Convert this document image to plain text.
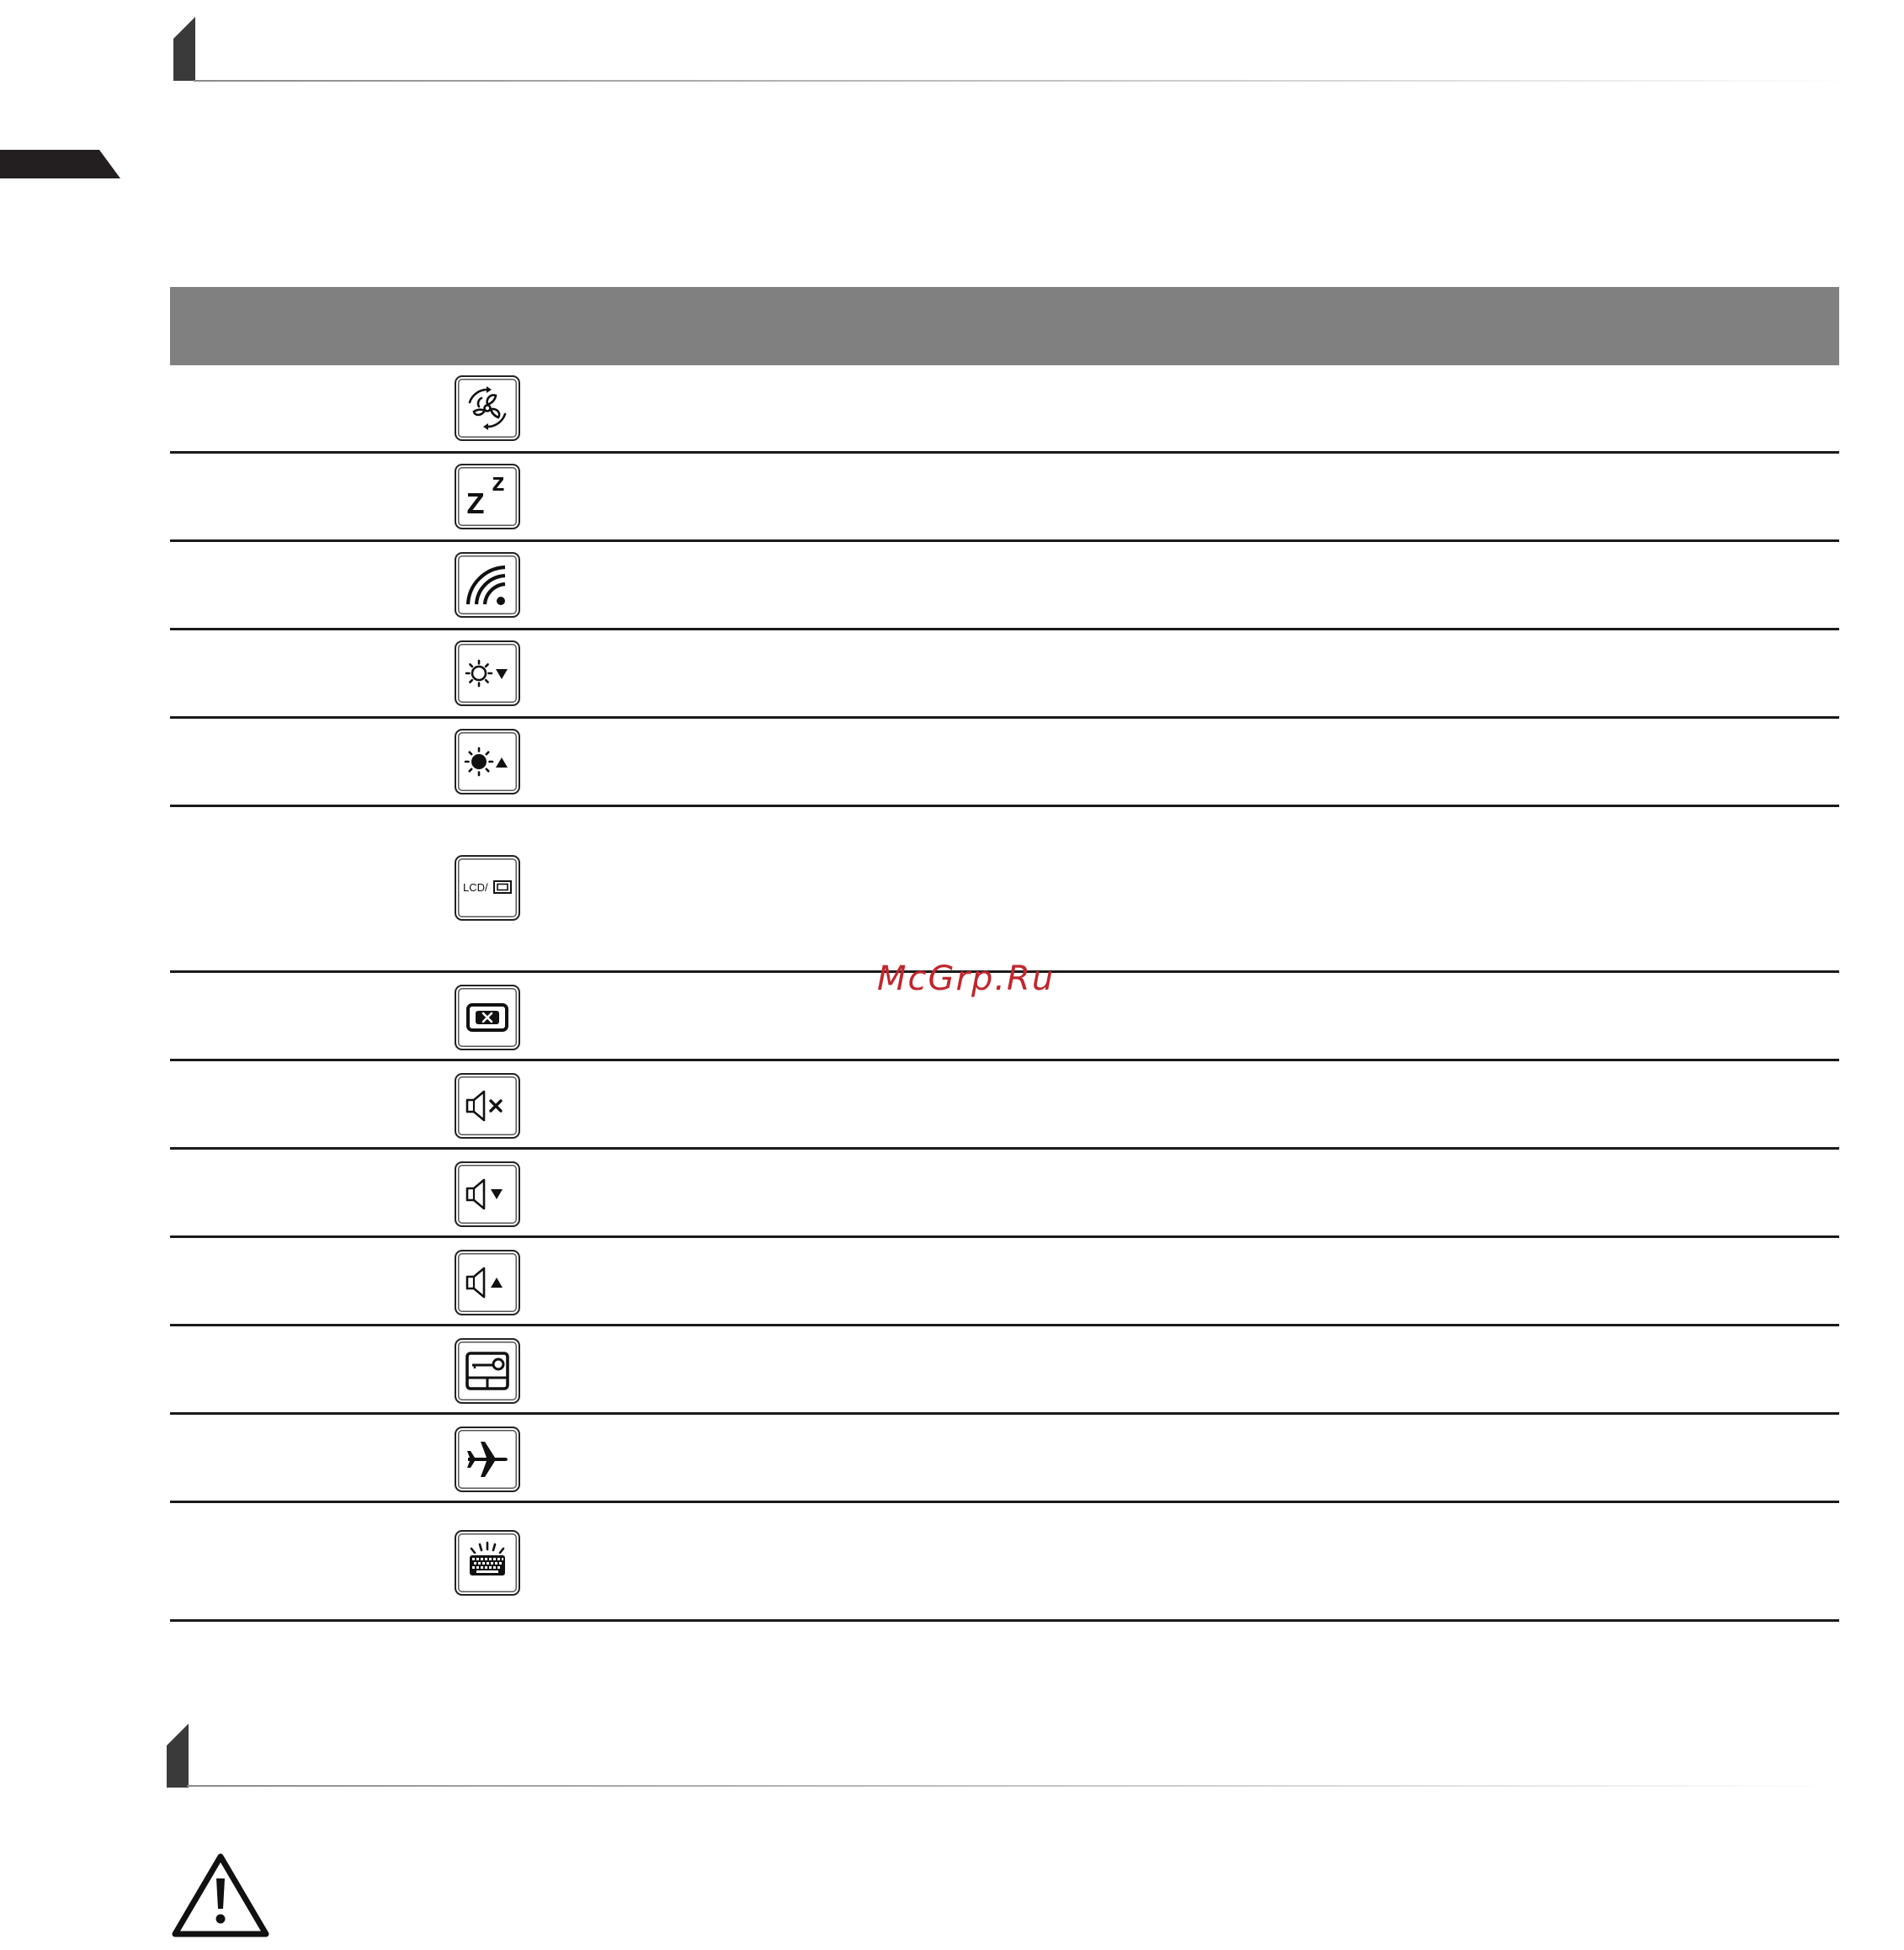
LCD/
McGrp.Ru
